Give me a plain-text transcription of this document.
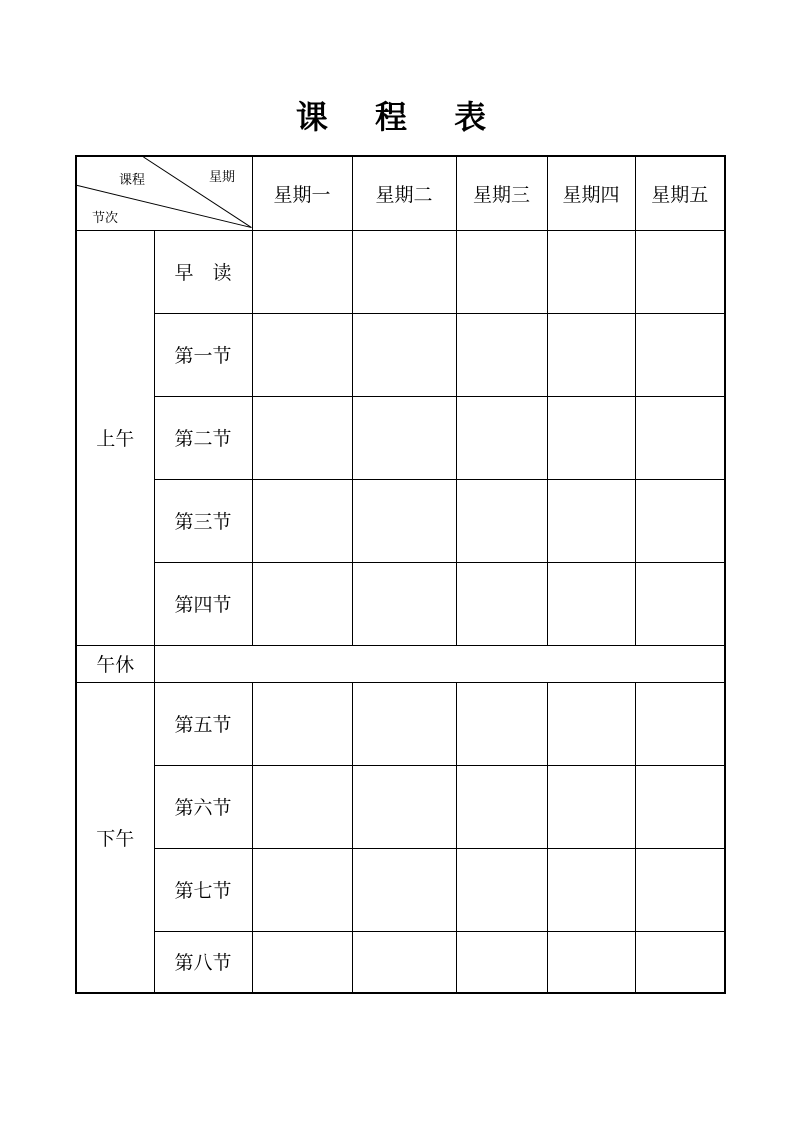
课 程 表
课程 星期
节次		星期一	星期二	星期三	星期四	星期五
上午	早　读					
	第一节					
	第二节					
	第三节					
	第四节					
午休						
下午	第五节					
	第六节					
	第七节					
	第八节					
